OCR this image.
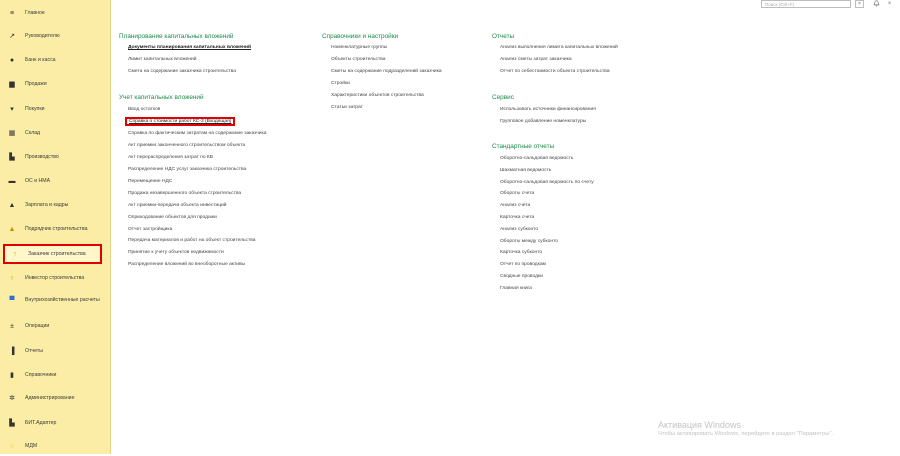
≡	Главное
↗ Руководителю
●	Банк и касса
▆ Продажи
▾	Покупки
▦ Склад
▙ Производство
▬ ОС и НМА
▲ Зарплата и кадры
▲ Подрядчик строительства
↑	Заказчик строительства
↑	Инвестор строительства
▀ Внутрихозяйственные расчеты
±	Операции
▐ Отчеты
▮	Справочники
✲ Администрирование
▙ БИТ.Адаптер
○	МДМ
Поиск (Ctrl+F)	×	×
Планирование капитальных вложений
Документы планирования капитальных вложений
Лимит капитальных вложений
Смета на содержание заказчика строительства
Учет капитальных вложений
Ввод остатков
Справка о стоимости работ КС-3 (Входящая)
Справка по фактическим затратам на содержание заказчика
Акт приемки законченного строительством объекта
Акт перераспределения затрат по КВ
Распределение НДС услуг заказчика строительства
Перемещение НДС
Продажа незавершенного объекта строительства
Акт приемки-передачи объекта инвестиций
Оприходование объектов для продажи
Отчет застройщика
Передача материалов и работ на объект строительства
Принятие к учету объектов недвижимости
Распределение вложений во внеоборотные активы
Справочники и настройки
Номенклатурные группы
Объекты строительства
Сметы на содержание подразделений заказчика
Стройки
Характеристики объектов строительства
Статьи затрат
Отчеты
Анализ выполнения лимита капитальных вложений
Анализ сметы затрат заказчика
Отчет по себестоимости объекта строительства
Сервис
Использовать источники финансирования
Групповое добавление номенклатуры
Стандартные отчеты
Оборотно-сальдовая ведомость
Шахматная ведомость
Оборотно-сальдовая ведомость по счету
Обороты счета
Анализ счета
Карточка счета
Анализ субконто
Обороты между субконто
Карточка субконто
Отчет по проводкам
Сводные проводки
Главная книга
Активация Windows
Чтобы активировать Windows, перейдите в раздел "Параметры".
